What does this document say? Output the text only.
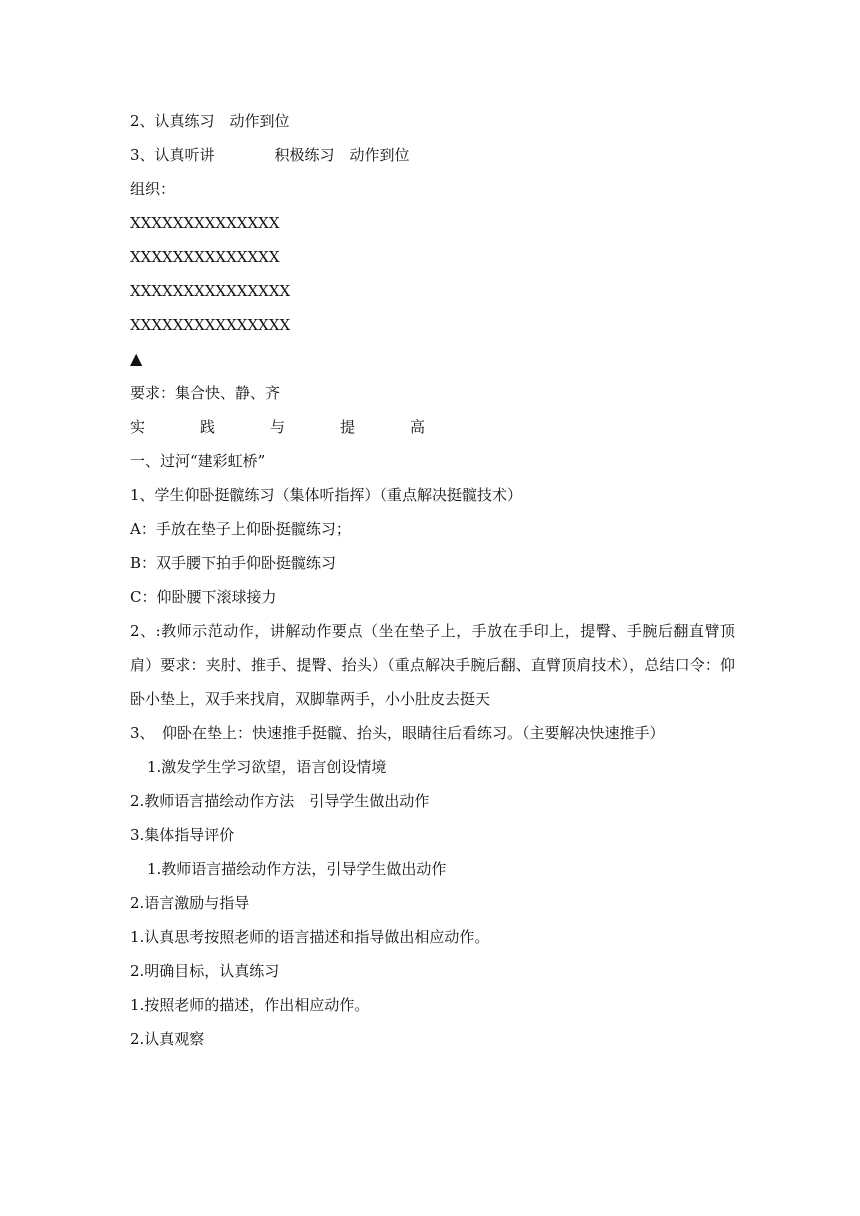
2、认真练习　动作到位
3、认真听讲　　　　积极练习　动作到位
组织：
XXXXXXXXXXXXXX
XXXXXXXXXXXXXX
XXXXXXXXXXXXXXX
XXXXXXXXXXXXXXX
▲
要求：集合快、静、齐
实	践	与	提	高
一、过河“建彩虹桥”
1、学生仰卧挺髋练习（集体听指挥）（重点解决挺髋技术）
A：手放在垫子上仰卧挺髋练习；
B：双手腰下拍手仰卧挺髋练习
C：仰卧腰下滚球接力
2、:教师示范动作，讲解动作要点（坐在垫子上，手放在手印上，提臀、手腕后翻直臂顶肩）要求：夹肘、推手、提臀、抬头）（重点解决手腕后翻、直臂顶肩技术），总结口令：仰卧小垫上，双手来找肩，双脚靠两手，小小肚皮去挺天
3、　仰卧在垫上：快速推手挺髋、抬头，眼睛往后看练习。（主要解决快速推手）
1.激发学生学习欲望，语言创设情境
2.教师语言描绘动作方法　引导学生做出动作
3.集体指导评价
1.教师语言描绘动作方法，引导学生做出动作
2.语言激励与指导
1.认真思考按照老师的语言描述和指导做出相应动作。
2.明确目标，认真练习
1.按照老师的描述，作出相应动作。
2.认真观察
